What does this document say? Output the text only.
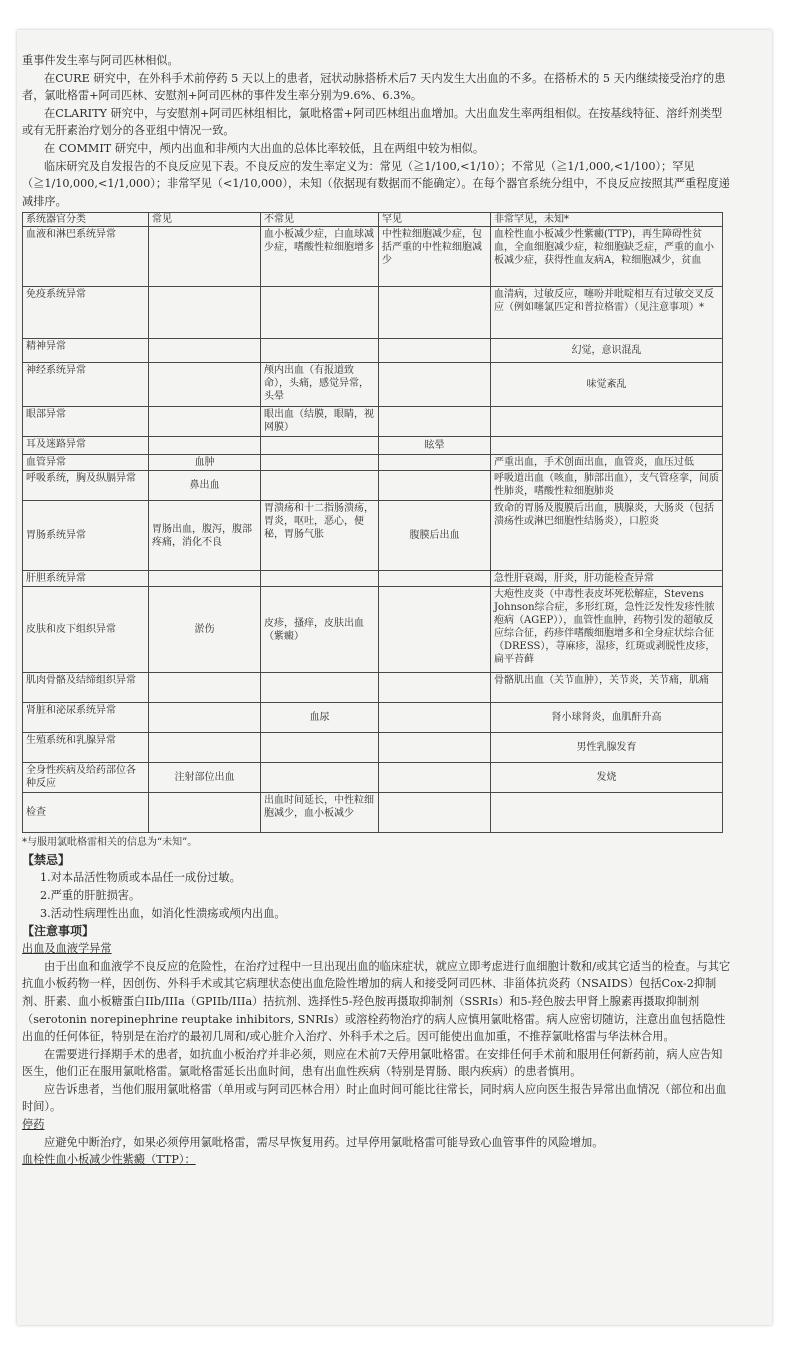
重事件发生率与阿司匹林相似。

在CURE 研究中，在外科手术前停药 5 天以上的患者，冠状动脉搭桥术后7 天内发生大出血的不多。在搭桥术的 5 天内继续接受治疗的患者，氯吡格雷+阿司匹林、安慰剂+阿司匹林的事件发生率分别为9.6%、6.3%。

在CLARITY 研究中，与安慰剂+阿司匹林组相比，氯吡格雷+阿司匹林组出血增加。大出血发生率两组相似。在按基线特征、溶纤剂类型或有无肝素治疗划分的各亚组中情况一致。

在 COMMIT 研究中，颅内出血和非颅内大出血的总体比率较低，且在两组中较为相似。

临床研究及自发报告的不良反应见下表。不良反应的发生率定义为：常见（≧1/100,<1/10）；不常见（≧1/1,000,<1/100）；罕见（≧1/10,000,<1/1,000）；非常罕见（<1/10,000），未知（依据现有数据而不能确定）。在每个器官系统分组中，不良反应按照其严重程度递减排序。

系统器官分类	常见	不常见	罕见	非常罕见，未知*
血液和淋巴系统异常		血小板减少症，白血球减少症，嗜酸性粒细胞增多	中性粒细胞减少症，包括严重的中性粒细胞减少	血栓性血小板减少性紫癜(TTP)，再生障碍性贫血，全血细胞减少症，粒细胞缺乏症，严重的血小板减少症，获得性血友病A，粒细胞减少，贫血
免疫系统异常				血清病，过敏反应，噻吩并吡啶相互有过敏交叉反应（例如噻氯匹定和普拉格雷）（见注意事项）*
精神异常				幻觉，意识混乱
神经系统异常		颅内出血（有报道致命），头痛，感觉异常，头晕		味觉紊乱
眼部异常		眼出血（结膜，眼睛，视网膜）		
耳及迷路异常			眩晕	
血管异常	血肿			严重出血，手术创面出血，血管炎，血压过低
呼吸系统，胸及纵膈异常	鼻出血			呼吸道出血（咳血，肺部出血），支气管痉挛，间质性肺炎，嗜酸性粒细胞肺炎
胃肠系统异常	胃肠出血，腹泻，腹部疼痛，消化不良	胃溃疡和十二指肠溃疡，胃炎，呕吐，恶心，便秘，胃肠气胀	腹膜后出血	致命的胃肠及腹膜后出血，胰腺炎，大肠炎（包括溃疡性或淋巴细胞性结肠炎），口腔炎
肝胆系统异常				急性肝衰竭，肝炎，肝功能检查异常
皮肤和皮下组织异常	淤伤	皮疹，搔痒，皮肤出血（紫癜）		大疱性皮炎（中毒性表皮坏死松解症，Stevens Johnson综合症，多形红斑，急性泛发性发疹性脓疱病（AGEP）），血管性血肿，药物引发的超敏反应综合征，药疹伴嗜酸细胞增多和全身症状综合征（DRESS），荨麻疹，湿疹，红斑或剥脱性皮疹，扁平苔藓
肌肉骨骼及结缔组织异常				骨骼肌出血（关节血肿），关节炎，关节痛，肌痛
肾脏和泌尿系统异常		血尿		肾小球肾炎，血肌酐升高
生殖系统和乳腺异常				男性乳腺发育
全身性疾病及给药部位各种反应	注射部位出血			发烧
检查		出血时间延长，中性粒细胞减少，血小板减少		

*与服用氯吡格雷相关的信息为“未知”。

【禁忌】

1.对本品活性物质或本品任一成份过敏。

2.严重的肝脏损害。

3.活动性病理性出血，如消化性溃疡或颅内出血。

【注意事项】

出血及血液学异常

由于出血和血液学不良反应的危险性，在治疗过程中一旦出现出血的临床症状，就应立即考虑进行血细胞计数和/或其它适当的检查。与其它抗血小板药物一样，因创伤、外科手术或其它病理状态使出血危险性增加的病人和接受阿司匹林、非甾体抗炎药（NSAIDS）包括Cox-2抑制剂、肝素、血小板糖蛋白IIb/IIIa（GPIIb/IIIa）拮抗剂、选择性5-羟色胺再摄取抑制剂（SSRIs）和5-羟色胺去甲肾上腺素再摄取抑制剂（serotonin norepinephrine reuptake inhibitors, SNRIs）或溶栓药物治疗的病人应慎用氯吡格雷。病人应密切随访，注意出血包括隐性出血的任何体征，特别是在治疗的最初几周和/或心脏介入治疗、外科手术之后。因可能使出血加重，不推荐氯吡格雷与华法林合用。

在需要进行择期手术的患者，如抗血小板治疗并非必须，则应在术前7天停用氯吡格雷。在安排任何手术前和服用任何新药前，病人应告知医生，他们正在服用氯吡格雷。氯吡格雷延长出血时间，患有出血性疾病（特别是胃肠、眼内疾病）的患者慎用。

应告诉患者，当他们服用氯吡格雷（单用或与阿司匹林合用）时止血时间可能比往常长，同时病人应向医生报告异常出血情况（部位和出血时间）。

停药

应避免中断治疗，如果必须停用氯吡格雷，需尽早恢复用药。过早停用氯吡格雷可能导致心血管事件的风险增加。

血栓性血小板减少性紫癜（TTP）：
